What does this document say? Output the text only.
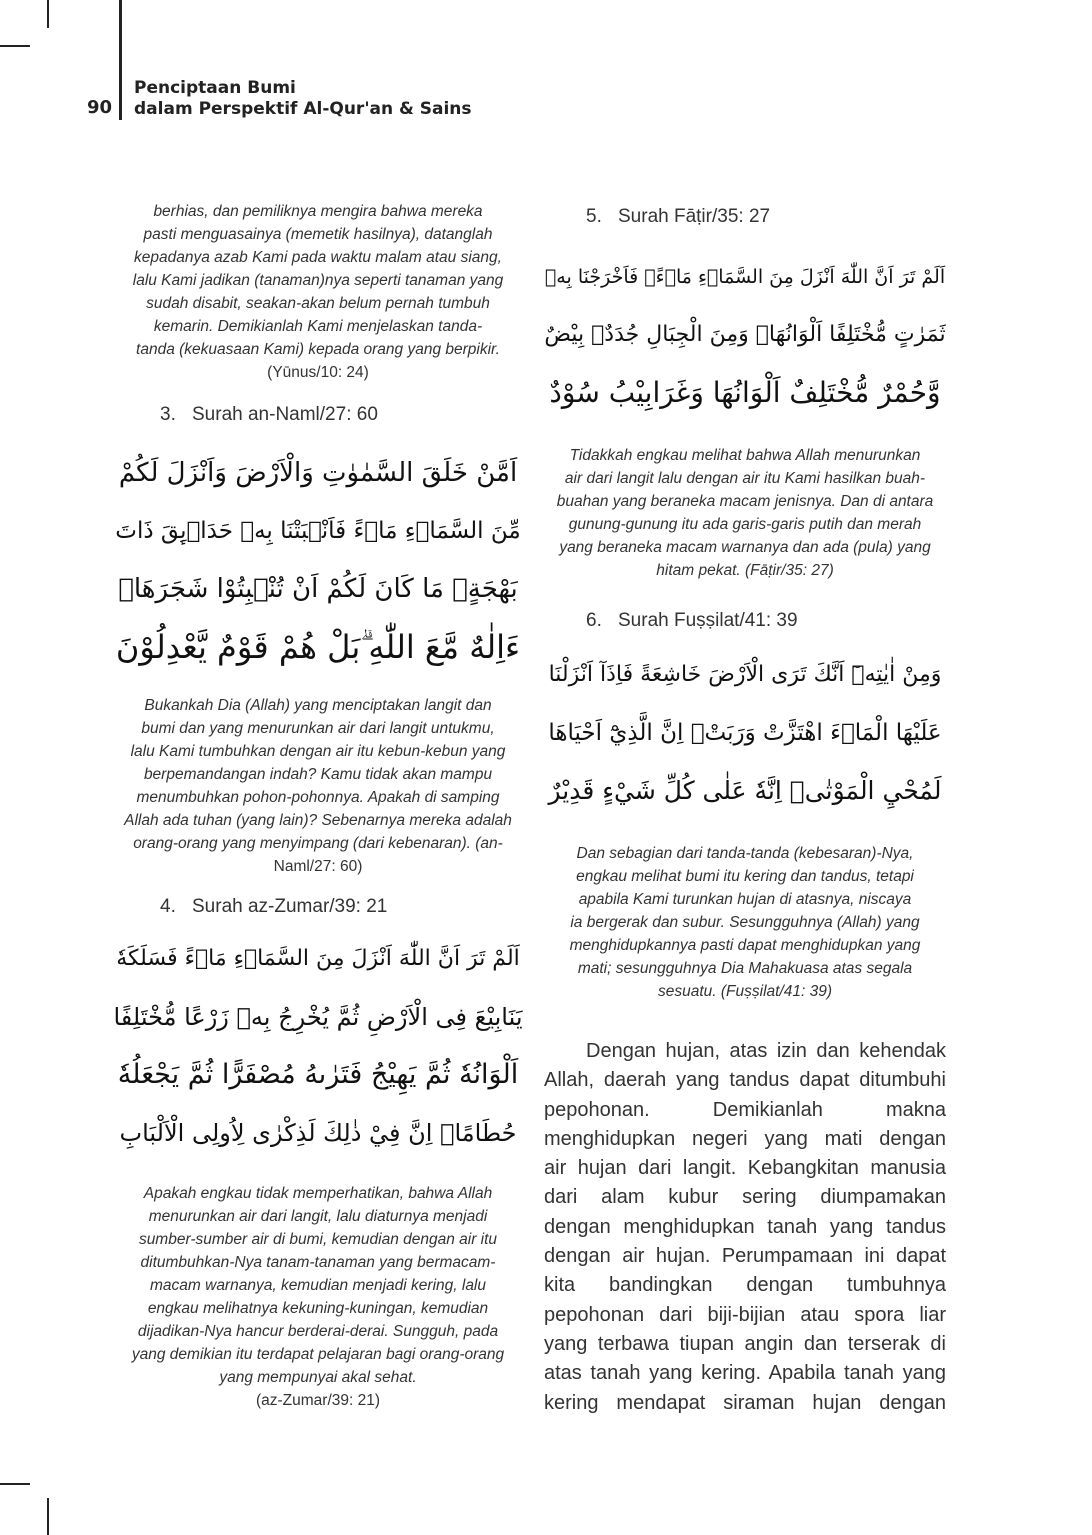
90
Penciptaan Bumi
dalam Perspektif Al-Qur'an & Sains

berhias, dan pemiliknya mengira bahwa mereka
pasti menguasainya (memetik hasilnya), datanglah
kepadanya azab Kami pada waktu malam atau siang,
lalu Kami jadikan (tanaman)nya seperti tanaman yang
sudah disabit, seakan-akan belum pernah tumbuh
kemarin. Demikianlah Kami menjelaskan tanda-
tanda (kekuasaan Kami) kepada orang yang berpikir.
(Yūnus/10: 24)

3. Surah an-Naml/27: 60

اَمَّنْ خَلَقَ السَّمٰوٰتِ وَالْاَرْضَ وَاَنْزَلَ لَكُمْ
مِّنَ السَّمَاۤءِ مَاۤءً فَاَنْۢبَتْنَا بِهٖ حَدَاۤىِٕقَ ذَاتَ
بَهْجَةٍۚ مَا كَانَ لَكُمْ اَنْ تُنْۢبِتُوْا شَجَرَهَاۗ
ءَاِلٰهٌ مَّعَ اللّٰهِ ۗبَلْ هُمْ قَوْمٌ يَّعْدِلُوْنَ

Bukankah Dia (Allah) yang menciptakan langit dan
bumi dan yang menurunkan air dari langit untukmu,
lalu Kami tumbuhkan dengan air itu kebun-kebun yang
berpemandangan indah? Kamu tidak akan mampu
menumbuhkan pohon-pohonnya. Apakah di samping
Allah ada tuhan (yang lain)? Sebenarnya mereka adalah
orang-orang yang menyimpang (dari kebenaran). (an-
Naml/27: 60)

4. Surah az-Zumar/39: 21

اَلَمْ تَرَ اَنَّ اللّٰهَ اَنْزَلَ مِنَ السَّمَاۤءِ مَاۤءً فَسَلَكَهٗ
يَنَابِيْعَ فِى الْاَرْضِ ثُمَّ يُخْرِجُ بِهٖ زَرْعًا مُّخْتَلِفًا
اَلْوَانُهٗ ثُمَّ يَهِيْجُ فَتَرٰىهُ مُصْفَرًّا ثُمَّ يَجْعَلُهٗ
حُطَامًاۗ اِنَّ فِيْ ذٰلِكَ لَذِكْرٰى لِاُولِى الْاَلْبَابِ

Apakah engkau tidak memperhatikan, bahwa Allah
menurunkan air dari langit, lalu diaturnya menjadi
sumber-sumber air di bumi, kemudian dengan air itu
ditumbuhkan-Nya tanam-tanaman yang bermacam-
macam warnanya, kemudian menjadi kering, lalu
engkau melihatnya kekuning-kuningan, kemudian
dijadikan-Nya hancur berderai-derai. Sungguh, pada
yang demikian itu terdapat pelajaran bagi orang-orang
yang mempunyai akal sehat.
(az-Zumar/39: 21)

5. Surah Fāṭir/35: 27

اَلَمْ تَرَ اَنَّ اللّٰهَ اَنْزَلَ مِنَ السَّمَاۤءِ مَاۤءًۚ فَاَخْرَجْنَا بِهٖ
ثَمَرٰتٍ مُّخْتَلِفًا اَلْوَانُهَاۗ وَمِنَ الْجِبَالِ جُدَدٌۢ بِيْضٌ
وَّحُمْرٌ مُّخْتَلِفٌ اَلْوَانُهَا وَغَرَابِيْبُ سُوْدٌ

Tidakkah engkau melihat bahwa Allah menurunkan
air dari langit lalu dengan air itu Kami hasilkan buah-
buahan yang beraneka macam jenisnya. Dan di antara
gunung-gunung itu ada garis-garis putih dan merah
yang beraneka macam warnanya dan ada (pula) yang
hitam pekat. (Fāṭir/35: 27)

6. Surah Fuṣṣilat/41: 39

وَمِنْ اٰيٰتِهٖٓ اَنَّكَ تَرَى الْاَرْضَ خَاشِعَةً فَاِذَآ اَنْزَلْنَا
عَلَيْهَا الْمَاۤءَ اهْتَزَّتْ وَرَبَتْۗ اِنَّ الَّذِيْٓ اَحْيَاهَا
لَمُحْيِ الْمَوْتٰىۗ اِنَّهٗ عَلٰى كُلِّ شَيْءٍ قَدِيْرٌ

Dan sebagian dari tanda-tanda (kebesaran)-Nya,
engkau melihat bumi itu kering dan tandus, tetapi
apabila Kami turunkan hujan di atasnya, niscaya
ia bergerak dan subur. Sesungguhnya (Allah) yang
menghidupkannya pasti dapat menghidupkan yang
mati; sesungguhnya Dia Mahakuasa atas segala
sesuatu. (Fuṣṣilat/41: 39)

Dengan hujan, atas izin dan kehendak
Allah, daerah yang tandus dapat ditumbuhi
pepohonan. Demikianlah makna
menghidupkan negeri yang mati dengan
air hujan dari langit. Kebangkitan manusia
dari alam kubur sering diumpamakan
dengan menghidupkan tanah yang tandus
dengan air hujan. Perumpamaan ini dapat
kita bandingkan dengan tumbuhnya
pepohonan dari biji-bijian atau spora liar
yang terbawa tiupan angin dan terserak di
atas tanah yang kering. Apabila tanah yang
kering mendapat siraman hujan dengan
